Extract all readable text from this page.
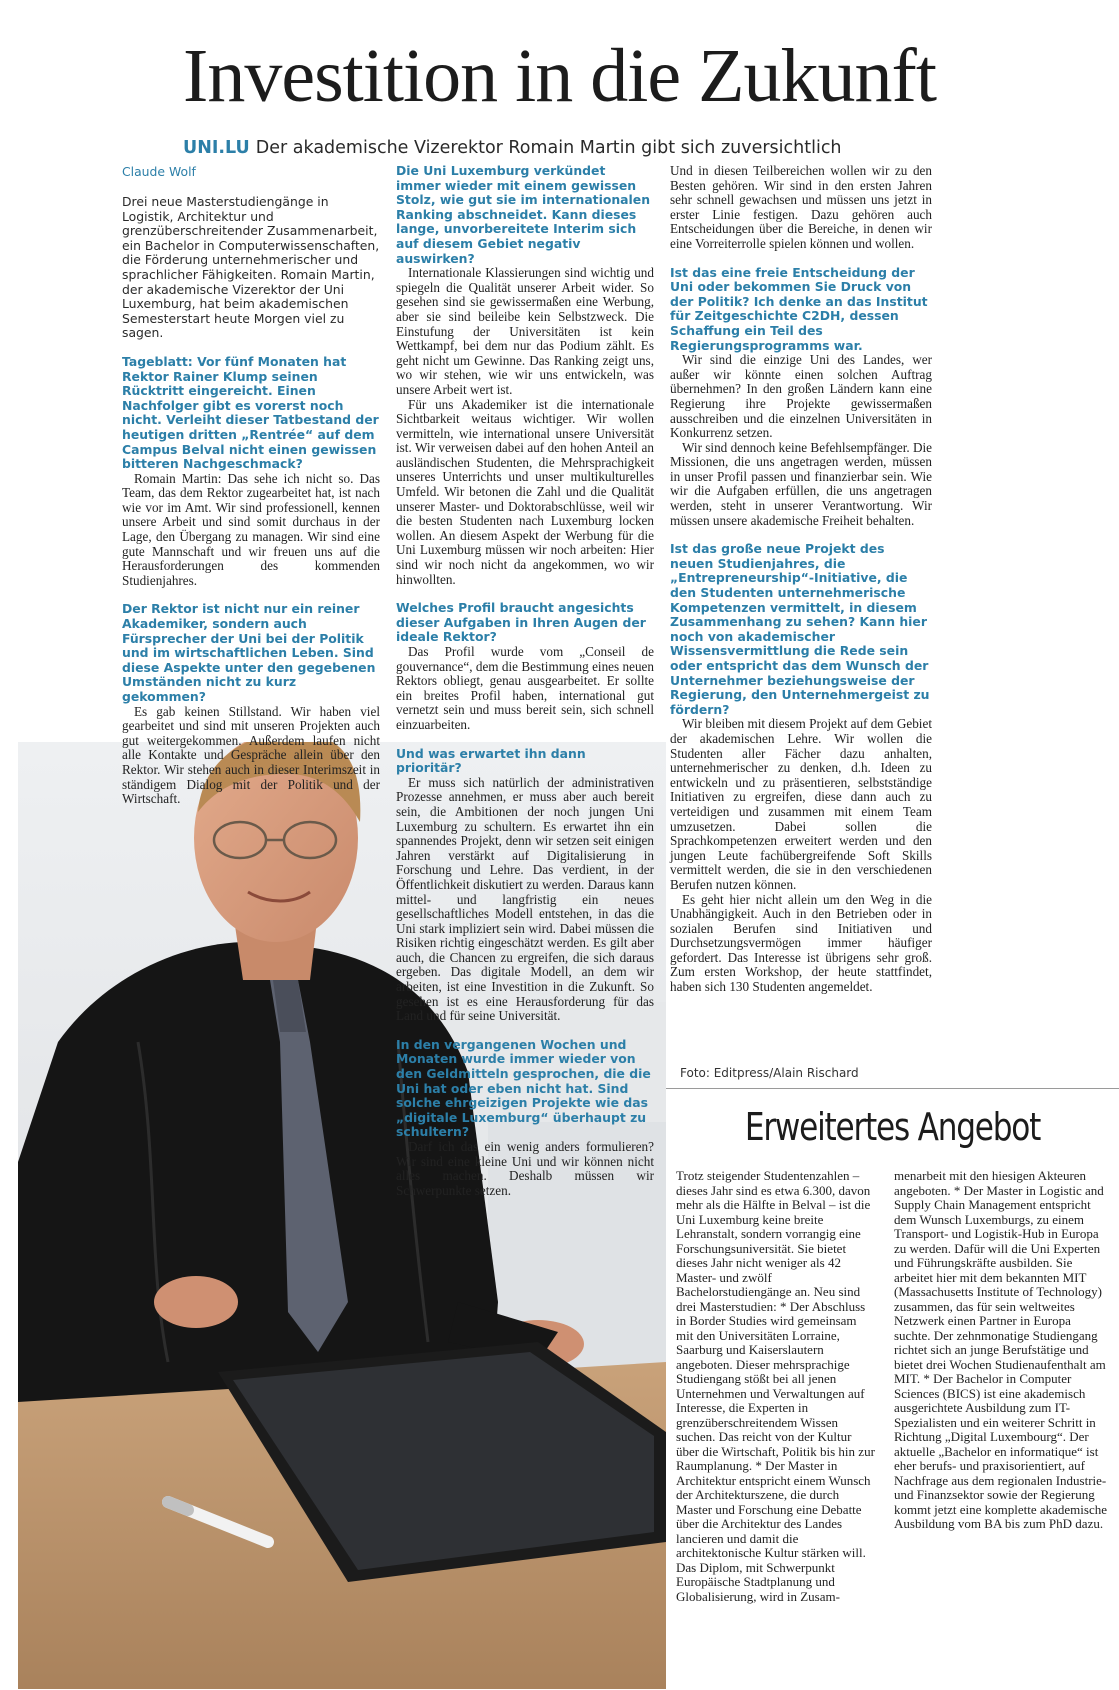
Investition in die Zukunft
UNI.LU Der akademische Vizerektor Romain Martin gibt sich zuversichtlich

Claude Wolf

Drei neue Masterstudiengänge in Logistik, Architektur und grenzüberschreitender Zusammenarbeit, ein Bachelor in Computerwissenschaften, die Förderung unternehmerischer und sprachlicher Fähigkeiten. Romain Martin, der akademische Vizerektor der Uni Luxemburg, hat beim akademischen Semesterstart heute Morgen viel zu sagen.

Tageblatt: Vor fünf Monaten hat Rektor Rainer Klump seinen Rücktritt eingereicht. Einen Nachfolger gibt es vorerst noch nicht. Verleiht dieser Tatbestand der heutigen dritten „Rentrée“ auf dem Campus Belval nicht einen gewissen bitteren Nachgeschmack?

Romain Martin: Das sehe ich nicht so. Das Team, das dem Rektor zugearbeitet hat, ist nach wie vor im Amt. Wir sind professionell, kennen unsere Arbeit und sind somit durchaus in der Lage, den Übergang zu managen. Wir sind eine gute Mannschaft und wir freuen uns auf die Herausforderungen des kommenden Studienjahres.

Der Rektor ist nicht nur ein reiner Akademiker, sondern auch Fürsprecher der Uni bei der Politik und im wirtschaftlichen Leben. Sind diese Aspekte unter den gegebenen Umständen nicht zu kurz gekommen?

Es gab keinen Stillstand. Wir haben viel gearbeitet und sind mit unseren Projekten auch gut weitergekommen. Außerdem laufen nicht alle Kontakte und Gespräche allein über den Rektor. Wir stehen auch in dieser Interimszeit in ständigem Dialog mit der Politik und der Wirtschaft.

Die Uni Luxemburg verkündet immer wieder mit einem gewissen Stolz, wie gut sie im internationalen Ranking abschneidet. Kann dieses lange, unvorbereitete Interim sich auf diesem Gebiet negativ auswirken?

Internationale Klassierungen sind wichtig und spiegeln die Qualität unserer Arbeit wider. So gesehen sind sie gewissermaßen eine Werbung, aber sie sind beileibe kein Selbstzweck. Die Einstufung der Universitäten ist kein Wettkampf, bei dem nur das Podium zählt. Es geht nicht um Gewinne. Das Ranking zeigt uns, wo wir stehen, wie wir uns entwickeln, was unsere Arbeit wert ist.

Für uns Akademiker ist die internationale Sichtbarkeit weitaus wichtiger. Wir wollen vermitteln, wie international unsere Universität ist. Wir verweisen dabei auf den hohen Anteil an ausländischen Studenten, die Mehrsprachigkeit unseres Unterrichts und unser multikulturelles Umfeld. Wir betonen die Zahl und die Qualität unserer Master- und Doktorabschlüsse, weil wir die besten Studenten nach Luxemburg locken wollen. An diesem Aspekt der Werbung für die Uni Luxemburg müssen wir noch arbeiten: Hier sind wir noch nicht da angekommen, wo wir hinwollten.

Welches Profil braucht angesichts dieser Aufgaben in Ihren Augen der ideale Rektor?

Das Profil wurde vom „Conseil de gouvernance“, dem die Bestimmung eines neuen Rektors obliegt, genau ausgearbeitet. Er sollte ein breites Profil haben, international gut vernetzt sein und muss bereit sein, sich schnell einzuarbeiten.

Und was erwartet ihn dann prioritär?

Er muss sich natürlich der administrativen Prozesse annehmen, er muss aber auch bereit sein, die Ambitionen der noch jungen Uni Luxemburg zu schultern. Es erwartet ihn ein spannendes Projekt, denn wir setzen seit einigen Jahren verstärkt auf Digitalisierung in Forschung und Lehre. Das verdient, in der Öffentlichkeit diskutiert zu werden. Daraus kann mittel- und langfristig ein neues gesellschaftliches Modell entstehen, in das die Uni stark impliziert sein wird. Dabei müssen die Risiken richtig eingeschätzt werden. Es gilt aber auch, die Chancen zu ergreifen, die sich daraus ergeben. Das digitale Modell, an dem wir arbeiten, ist eine Investition in die Zukunft. So gesehen ist es eine Herausforderung für das Land und für seine Universität.

In den vergangenen Wochen und Monaten wurde immer wieder von den Geldmitteln gesprochen, die die Uni hat oder eben nicht hat. Sind solche ehrgeizigen Projekte wie das „digitale Luxemburg“ überhaupt zu schultern?

Darf ich das ein wenig anders formulieren? Wir sind eine kleine Uni und wir können nicht alles machen. Deshalb müssen wir Schwerpunkte setzen.

Und in diesen Teilbereichen wollen wir zu den Besten gehören. Wir sind in den ersten Jahren sehr schnell gewachsen und müssen uns jetzt in erster Linie festigen. Dazu gehören auch Entscheidungen über die Bereiche, in denen wir eine Vorreiterrolle spielen können und wollen.

Ist das eine freie Entscheidung der Uni oder bekommen Sie Druck von der Politik? Ich denke an das Institut für Zeitgeschichte C2DH, dessen Schaffung ein Teil des Regierungsprogramms war.

Wir sind die einzige Uni des Landes, wer außer wir könnte einen solchen Auftrag übernehmen? In den großen Ländern kann eine Regierung ihre Projekte gewissermaßen ausschreiben und die einzelnen Universitäten in Konkurrenz setzen.

Wir sind dennoch keine Befehlsempfänger. Die Missionen, die uns angetragen werden, müssen in unser Profil passen und finanzierbar sein. Wie wir die Aufgaben erfüllen, die uns angetragen werden, steht in unserer Verantwortung. Wir müssen unsere akademische Freiheit behalten.

Ist das große neue Projekt des neuen Studienjahres, die „Entrepreneurship“-Initiative, die den Studenten unternehmerische Kompetenzen vermittelt, in diesem Zusammenhang zu sehen? Kann hier noch von akademischer Wissensvermittlung die Rede sein oder entspricht das dem Wunsch der Unternehmer beziehungsweise der Regierung, den Unternehmergeist zu fördern?

Wir bleiben mit diesem Projekt auf dem Gebiet der akademischen Lehre. Wir wollen die Studenten aller Fächer dazu anhalten, unternehmerischer zu denken, d.h. Ideen zu entwickeln und zu präsentieren, selbstständige Initiativen zu ergreifen, diese dann auch zu verteidigen und zusammen mit einem Team umzusetzen. Dabei sollen die Sprachkompetenzen erweitert werden und den jungen Leute fachübergreifende Soft Skills vermittelt werden, die sie in den verschiedenen Berufen nutzen können.

Es geht hier nicht allein um den Weg in die Unabhängigkeit. Auch in den Betrieben oder in sozialen Berufen sind Initiativen und Durchsetzungsvermögen immer häufiger gefordert. Das Interesse ist übrigens sehr groß. Zum ersten Workshop, der heute stattfindet, haben sich 130 Studenten angemeldet.

Foto: Editpress/Alain Rischard
Erweitertes Angebot

Trotz steigender Studentenzahlen – dieses Jahr sind es etwa 6.300, davon mehr als die Hälfte in Belval – ist die Uni Luxemburg keine breite Lehranstalt, sondern vorrangig eine Forschungsuniversität. Sie bietet dieses Jahr nicht weniger als 42 Master- und zwölf Bachelorstudiengänge an. Neu sind drei Masterstudien: * Der Abschluss in Border Studies wird gemeinsam mit den Universitäten Lorraine, Saarburg und Kaiserslautern angeboten. Dieser mehrsprachige Studiengang stößt bei all jenen Unternehmen und Verwaltungen auf Interesse, die Experten in grenzüberschreitendem Wissen suchen. Das reicht von der Kultur über die Wirtschaft, Politik bis hin zur Raumplanung. * Der Master in Architektur entspricht einem Wunsch der Architekturszene, die durch Master und Forschung eine Debatte über die Architektur des Landes lancieren und damit die architektonische Kultur stärken will. Das Diplom, mit Schwerpunkt Europäische Stadtplanung und Globalisierung, wird in Zusam-

menarbeit mit den hiesigen Akteuren angeboten. * Der Master in Logistic and Supply Chain Management entspricht dem Wunsch Luxemburgs, zu einem Transport- und Logistik-Hub in Europa zu werden. Dafür will die Uni Experten und Führungskräfte ausbilden. Sie arbeitet hier mit dem bekannten MIT (Massachusetts Institute of Technology) zusammen, das für sein weltweites Netzwerk einen Partner in Europa suchte. Der zehnmonatige Studiengang richtet sich an junge Berufstätige und bietet drei Wochen Studienaufenthalt am MIT. * Der Bachelor in Computer Sciences (BICS) ist eine akademisch ausgerichtete Ausbildung zum IT-Spezialisten und ein weiterer Schritt in Richtung „Digital Luxembourg“. Der aktuelle „Bachelor en informatique“ ist eher berufs- und praxisorientiert, auf Nachfrage aus dem regionalen Industrie- und Finanzsektor sowie der Regierung kommt jetzt eine komplette akademische Ausbildung vom BA bis zum PhD dazu.
